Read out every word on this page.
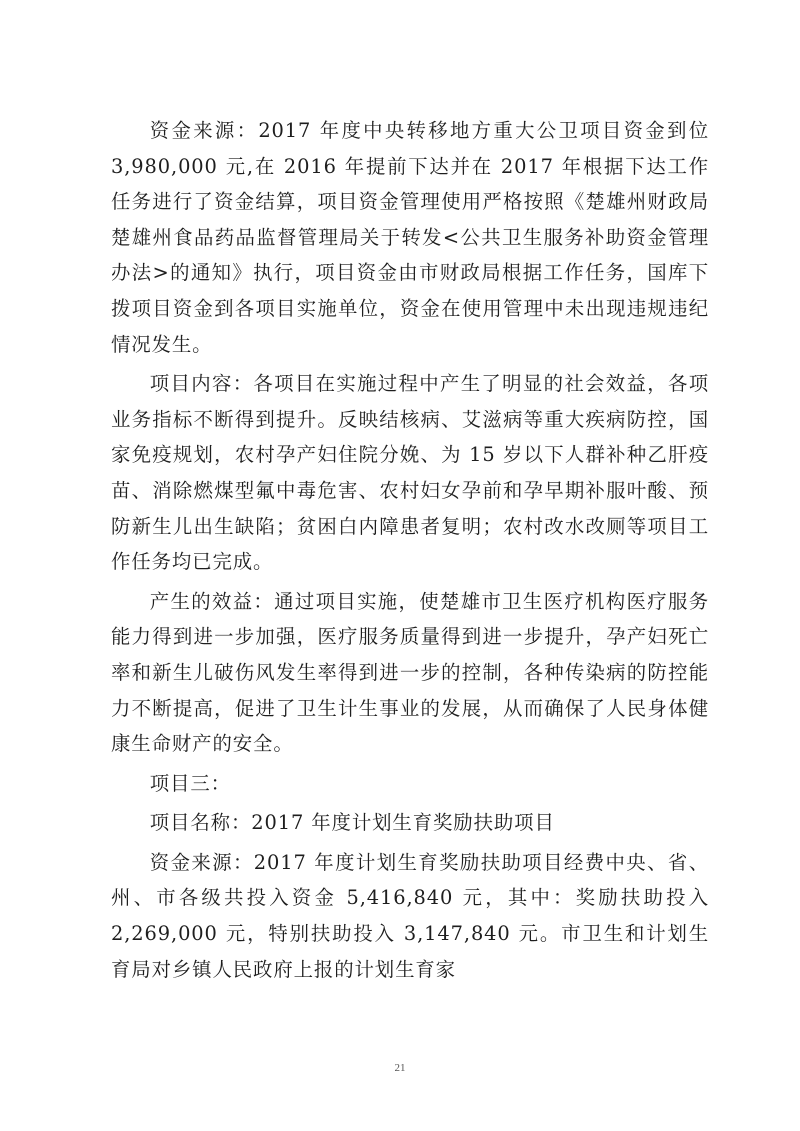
资金来源：2017 年度中央转移地方重大公卫项目资金到位 3,980,000 元,在 2016 年提前下达并在 2017 年根据下达工作任务进行了资金结算，项目资金管理使用严格按照《楚雄州财政局楚雄州食品药品监督管理局关于转发<公共卫生服务补助资金管理办法>的通知》执行，项目资金由市财政局根据工作任务，国库下拨项目资金到各项目实施单位，资金在使用管理中未出现违规违纪情况发生。

项目内容：各项目在实施过程中产生了明显的社会效益，各项业务指标不断得到提升。反映结核病、艾滋病等重大疾病防控，国家免疫规划，农村孕产妇住院分娩、为 15 岁以下人群补种乙肝疫苗、消除燃煤型氟中毒危害、农村妇女孕前和孕早期补服叶酸、预防新生儿出生缺陷；贫困白内障患者复明；农村改水改厕等项目工作任务均已完成。

产生的效益：通过项目实施，使楚雄市卫生医疗机构医疗服务能力得到进一步加强，医疗服务质量得到进一步提升，孕产妇死亡率和新生儿破伤风发生率得到进一步的控制，各种传染病的防控能力不断提高，促进了卫生计生事业的发展，从而确保了人民身体健康生命财产的安全。

项目三：

项目名称：2017 年度计划生育奖励扶助项目

资金来源：2017 年度计划生育奖励扶助项目经费中央、省、州、市各级共投入资金 5,416,840 元，其中：奖励扶助投入 2,269,000 元，特别扶助投入 3,147,840 元。市卫生和计划生育局对乡镇人民政府上报的计划生育家

21
